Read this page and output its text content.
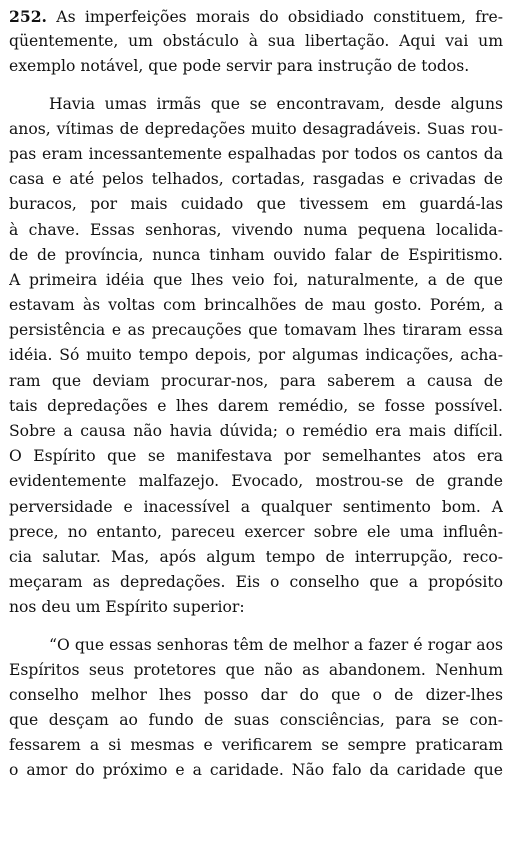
252. As imperfeições morais do obsidiado constituem, fre-
qüentemente, um obstáculo à sua libertação. Aqui vai um
exemplo notável, que pode servir para instrução de todos.
Havia umas irmãs que se encontravam, desde alguns
anos, vítimas de depredações muito desagradáveis. Suas rou-
pas eram incessantemente espalhadas por todos os cantos da
casa e até pelos telhados, cortadas, rasgadas e crivadas de
buracos, por mais cuidado que tivessem em guardá-las
à chave. Essas senhoras, vivendo numa pequena localida-
de de província, nunca tinham ouvido falar de Espiritismo.
A primeira idéia que lhes veio foi, naturalmente, a de que
estavam às voltas com brincalhões de mau gosto. Porém, a
persistência e as precauções que tomavam lhes tiraram essa
idéia. Só muito tempo depois, por algumas indicações, acha-
ram que deviam procurar-nos, para saberem a causa de
tais depredações e lhes darem remédio, se fosse possível.
Sobre a causa não havia dúvida; o remédio era mais difícil.
O Espírito que se manifestava por semelhantes atos era
evidentemente malfazejo. Evocado, mostrou-se de grande
perversidade e inacessível a qualquer sentimento bom. A
prece, no entanto, pareceu exercer sobre ele uma influên-
cia salutar. Mas, após algum tempo de interrupção, reco-
meçaram as depredações. Eis o conselho que a propósito
nos deu um Espírito superior:
“O que essas senhoras têm de melhor a fazer é rogar aos
Espíritos seus protetores que não as abandonem. Nenhum
conselho melhor lhes posso dar do que o de dizer-lhes
que desçam ao fundo de suas consciências, para se con-
fessarem a si mesmas e verificarem se sempre praticaram
o amor do próximo e a caridade. Não falo da caridade que
